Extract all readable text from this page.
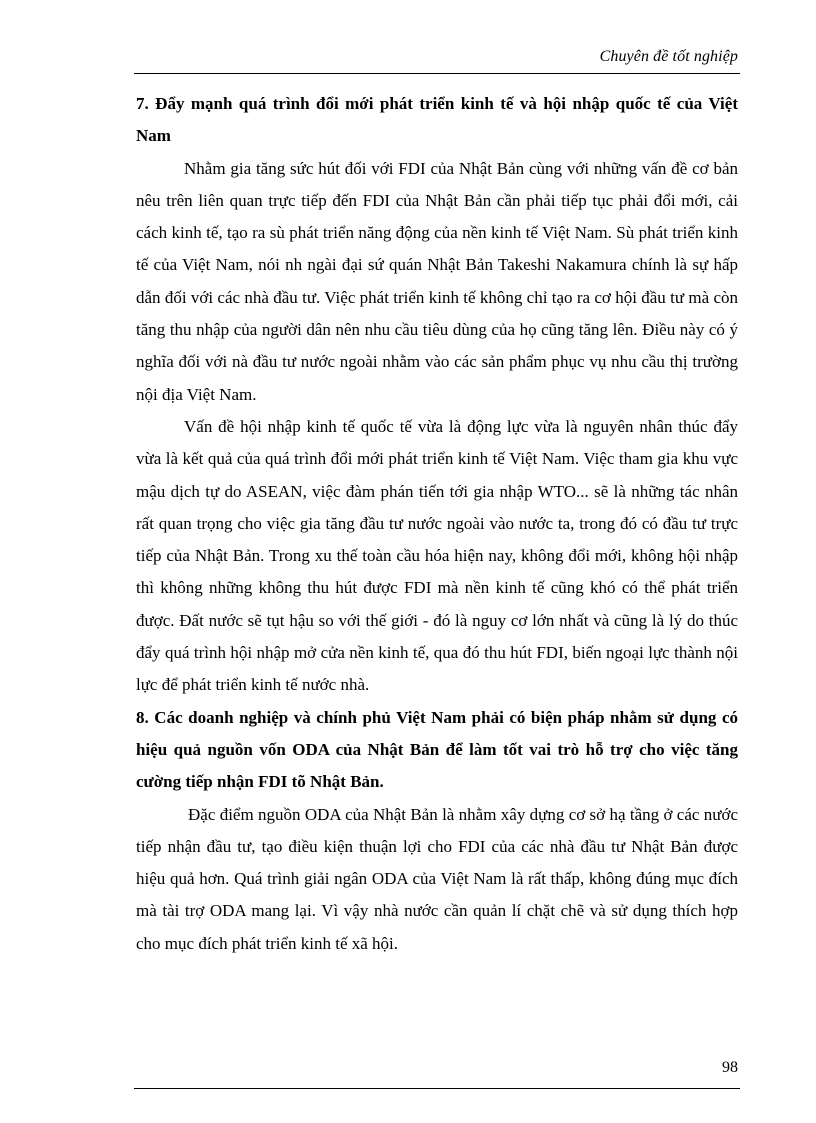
Chuyên đề tốt nghiệp
7. Đẩy mạnh quá trình đổi mới phát triển kinh tế và hội nhập quốc tế của Việt Nam

Nhằm gia tăng sức hút đối với FDI của Nhật Bản cùng với những vấn đề cơ bản nêu trên liên quan trực tiếp đến FDI của Nhật Bản cần phải tiếp tục phải đổi mới, cải cách kinh tế, tạo ra sù phát triển năng động của nền kinh tế Việt Nam. Sù phát triển kinh tế của Việt Nam, nói nh ngài đại sứ quán Nhật Bản Takeshi Nakamura chính là sự hấp dẫn đối với các nhà đầu tư. Việc phát triển kinh tế không chỉ tạo ra cơ hội đầu tư mà còn tăng thu nhập của người dân nên nhu cầu tiêu dùng của họ cũng tăng lên. Điều này có ý nghĩa đối với nà đầu tư nước ngoài nhằm vào các sản phẩm phục vụ nhu cầu thị trường nội địa Việt Nam.

Vấn đề hội nhập kinh tế quốc tế vừa là động lực vừa là nguyên nhân thúc đẩy vừa là kết quả của quá trình đổi mới phát triển kinh tế Việt Nam. Việc tham gia khu vực mậu dịch tự do ASEAN, việc đàm phán tiến tới gia nhập WTO... sẽ là những tác nhân rất quan trọng cho việc gia tăng đầu tư nước ngoài vào nước ta, trong đó có đầu tư trực tiếp của Nhật Bản. Trong xu thế toàn cầu hóa hiện nay, không đổi mới, không hội nhập thì không những không thu hút được FDI mà nền kinh tế cũng khó có thể phát triển được. Đất nước sẽ tụt hậu so với thế giới - đó là nguy cơ lớn nhất và cũng là lý do thúc đẩy quá trình hội nhập mở cửa nền kinh tế, qua đó thu hút FDI, biến ngoại lực thành nội lực để phát triển kinh tế nước nhà.

8. Các doanh nghiệp và chính phủ Việt Nam phải có biện pháp nhằm sử dụng có hiệu quả nguồn vốn ODA của Nhật Bản để làm tốt vai trò hỗ trợ cho việc tăng cường tiếp nhận FDI tõ Nhật Bản.

Đặc điểm nguồn ODA của Nhật Bản là nhằm xây dựng cơ sở hạ tầng ở các nước tiếp nhận đầu tư, tạo điều kiện thuận lợi cho FDI của các nhà đầu tư Nhật Bản được hiệu quả hơn. Quá trình giải ngân ODA của Việt Nam là rất thấp, không đúng mục đích mà tài trợ ODA mang lại. Vì vậy nhà nước cần quản lí chặt chẽ và sử dụng thích hợp cho mục đích phát triển kinh tế xã hội.

98
